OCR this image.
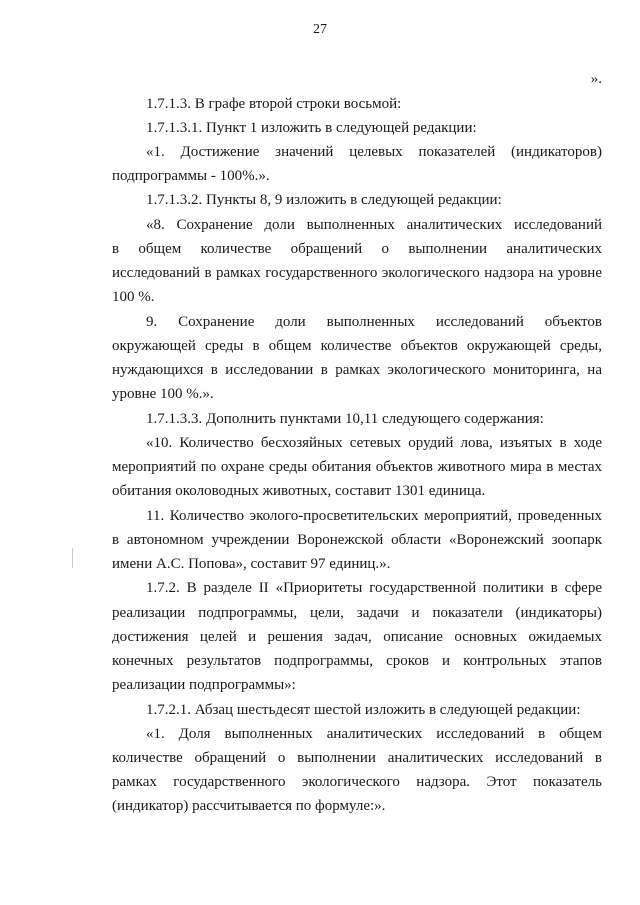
27
».
1.7.1.3. В графе второй строки восьмой:
1.7.1.3.1. Пункт 1 изложить в следующей редакции:
«1. Достижение значений целевых показателей (индикаторов)
подпрограммы - 100%.».
1.7.1.3.2. Пункты 8, 9 изложить в следующей редакции:
«8. Сохранение доли выполненных аналитических исследований
в общем количестве обращений о выполнении аналитических
исследований в рамках государственного экологического надзора на уровне
100 %.
9. Сохранение доли выполненных исследований объектов
окружающей среды в общем количестве объектов окружающей среды,
нуждающихся в исследовании в рамках экологического мониторинга, на
уровне 100 %.».
1.7.1.3.3. Дополнить пунктами 10,11 следующего содержания:
«10. Количество бесхозяйных сетевых орудий лова, изъятых в ходе
мероприятий по охране среды обитания объектов животного мира в местах
обитания околоводных животных, составит 1301 единица.
11. Количество эколого-просветительских мероприятий, проведенных
в автономном учреждении Воронежской области «Воронежский зоопарк
имени А.С. Попова», составит 97 единиц.».
1.7.2. В разделе II «Приоритеты государственной политики в сфере
реализации подпрограммы, цели, задачи и показатели (индикаторы)
достижения целей и решения задач, описание основных ожидаемых
конечных результатов подпрограммы, сроков и контрольных этапов
реализации подпрограммы»:
1.7.2.1. Абзац шестьдесят шестой изложить в следующей редакции:
«1. Доля выполненных аналитических исследований в общем
количестве обращений о выполнении аналитических исследований в
рамках государственного экологического надзора. Этот показатель
(индикатор) рассчитывается по формуле:».
